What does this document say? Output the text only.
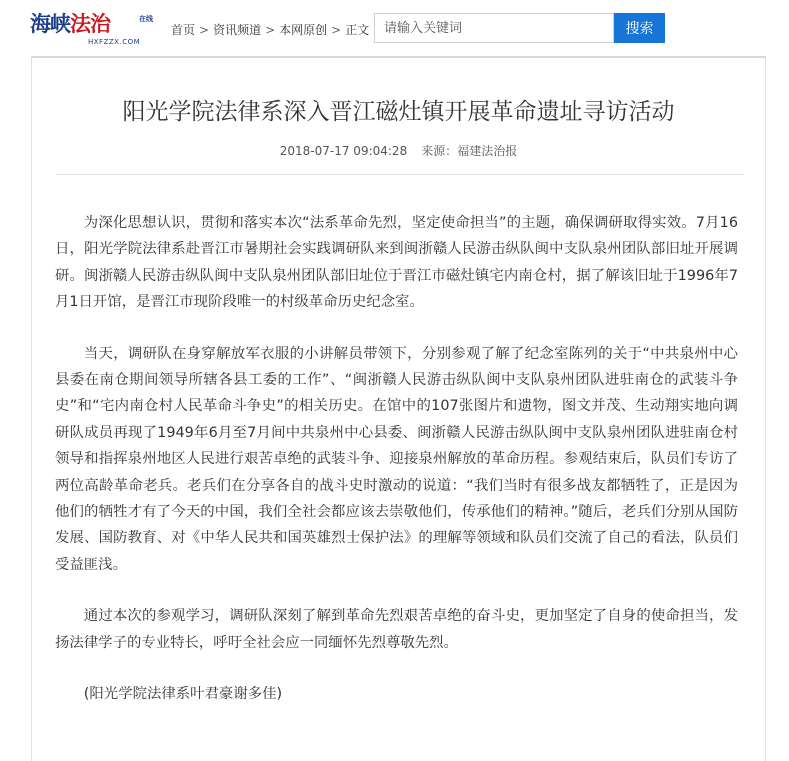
海峡法治	在线
HXFZZX.COM
首页 > 资讯频道 > 本网原创 > 正文
请输入关键词	搜索
阳光学院法律系深入晋江磁灶镇开展革命遗址寻访活动
2018-07-17 09:04:28 来源：福建法治报

为深化思想认识，贯彻和落实本次“法系革命先烈，坚定使命担当”的主题，确保调研取得实效。7月16日，阳光学院法律系赴晋江市暑期社会实践调研队来到闽浙赣人民游击纵队闽中支队泉州团队部旧址开展调研。闽浙赣人民游击纵队闽中支队泉州团队部旧址位于晋江市磁灶镇宅内南仓村，据了解该旧址于1996年7月1日开馆，是晋江市现阶段唯一的村级革命历史纪念室。

当天，调研队在身穿解放军衣服的小讲解员带领下，分别参观了解了纪念室陈列的关于“中共泉州中心县委在南仓期间领导所辖各县工委的工作”、“闽浙赣人民游击纵队闽中支队泉州团队进驻南仓的武装斗争史”和“宅内南仓村人民革命斗争史”的相关历史。在馆中的107张图片和遗物，图文并茂、生动翔实地向调研队成员再现了1949年6月至7月间中共泉州中心县委、闽浙赣人民游击纵队闽中支队泉州团队进驻南仓村领导和指挥泉州地区人民进行艰苦卓绝的武装斗争、迎接泉州解放的革命历程。参观结束后，队员们专访了两位高龄革命老兵。老兵们在分享各自的战斗史时激动的说道：“我们当时有很多战友都牺牲了，正是因为他们的牺牲才有了今天的中国，我们全社会都应该去崇敬他们，传承他们的精神。”随后，老兵们分别从国防发展、国防教育、对《中华人民共和国英雄烈士保护法》的理解等领域和队员们交流了自己的看法，队员们受益匪浅。

通过本次的参观学习，调研队深刻了解到革命先烈艰苦卓绝的奋斗史，更加坚定了自身的使命担当，发扬法律学子的专业特长，呼吁全社会应一同缅怀先烈尊敬先烈。

(阳光学院法律系叶君豪谢多佳)
